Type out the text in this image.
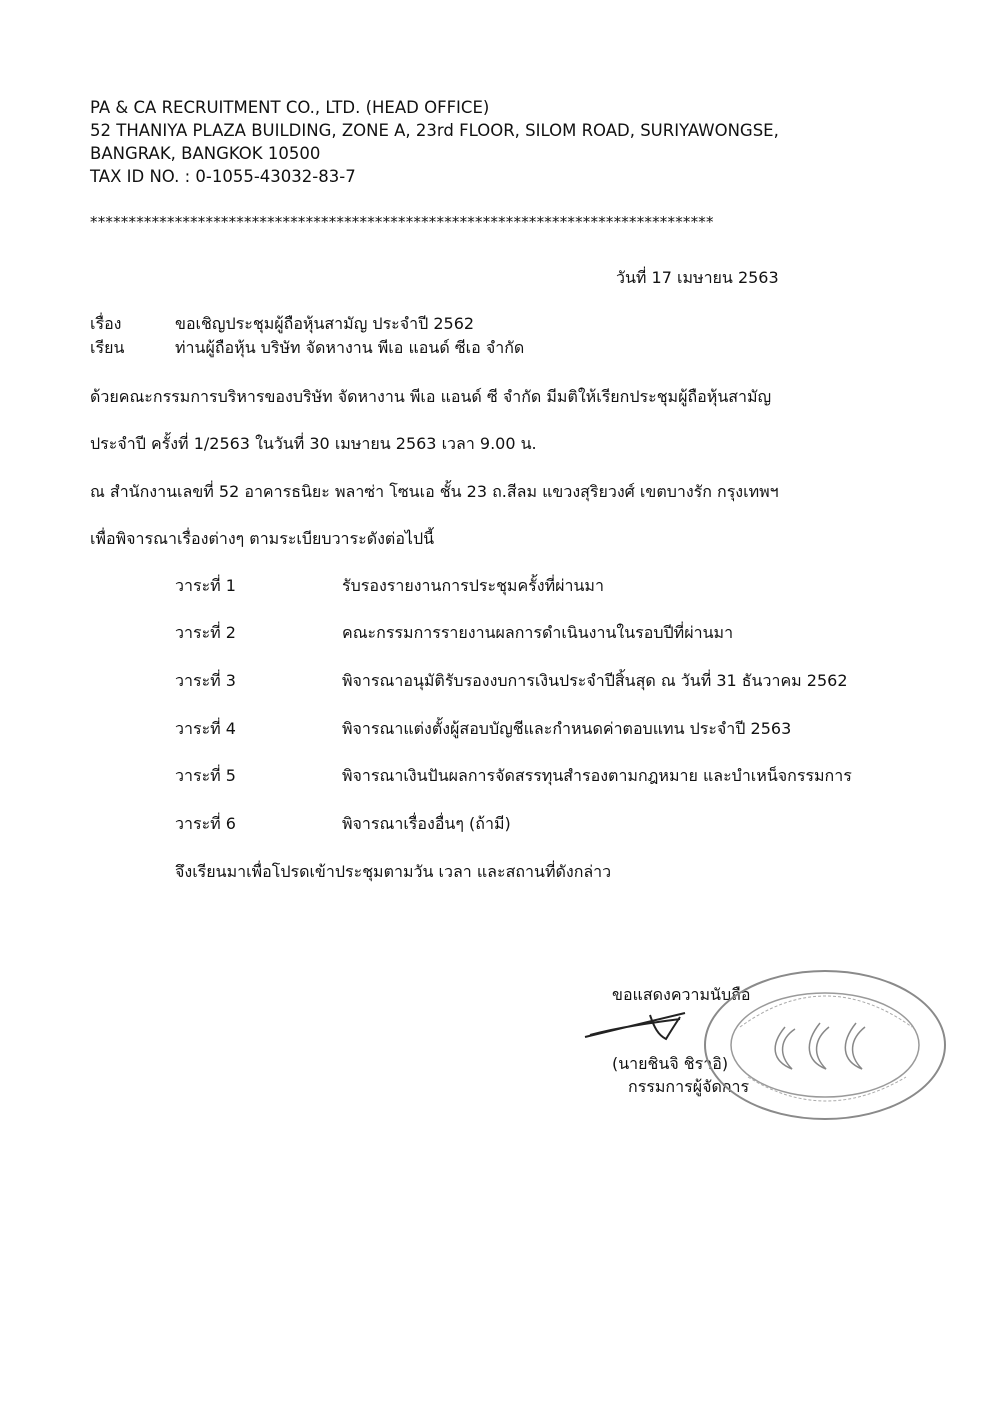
PA & CA RECRUITMENT CO., LTD. (HEAD OFFICE)
52 THANIYA PLAZA BUILDING, ZONE A, 23rd FLOOR, SILOM ROAD, SURIYAWONGSE,
BANGRAK, BANGKOK 10500
TAX ID NO. : 0-1055-43032-83-7
*********************************************************************************
วันที่ 17 เมษายน 2563
เรื่อง	ขอเชิญประชุมผู้ถือหุ้นสามัญ ประจำปี 2562
เรียน	ท่านผู้ถือหุ้น บริษัท จัดหางาน พีเอ แอนด์ ซีเอ จำกัด
ด้วยคณะกรรมการบริหารของบริษัท จัดหางาน พีเอ แอนด์ ซี จำกัด มีมติให้เรียกประชุมผู้ถือหุ้นสามัญ
ประจำปี ครั้งที่ 1/2563 ในวันที่ 30 เมษายน 2563 เวลา 9.00 น.
ณ สำนักงานเลขที่ 52 อาคารธนิยะ พลาซ่า โซนเอ ชั้น 23 ถ.สีลม แขวงสุริยวงศ์ เขตบางรัก กรุงเทพฯ
เพื่อพิจารณาเรื่องต่างๆ ตามระเบียบวาระดังต่อไปนี้
วาระที่ 1	รับรองรายงานการประชุมครั้งที่ผ่านมา
วาระที่ 2	คณะกรรมการรายงานผลการดำเนินงานในรอบปีที่ผ่านมา
วาระที่ 3	พิจารณาอนุมัติรับรองงบการเงินประจำปีสิ้นสุด ณ วันที่ 31 ธันวาคม 2562
วาระที่ 4	พิจารณาแต่งตั้งผู้สอบบัญชีและกำหนดค่าตอบแทน ประจำปี 2563
วาระที่ 5	พิจารณาเงินปันผลการจัดสรรทุนสำรองตามกฎหมาย และบำเหน็จกรรมการ
วาระที่ 6	พิจารณาเรื่องอื่นๆ (ถ้ามี)
จึงเรียนมาเพื่อโปรดเข้าประชุมตามวัน เวลา และสถานที่ดังกล่าว
ขอแสดงความนับถือ
(นายชินจิ ชิราอิ)
กรรมการผู้จัดการ
